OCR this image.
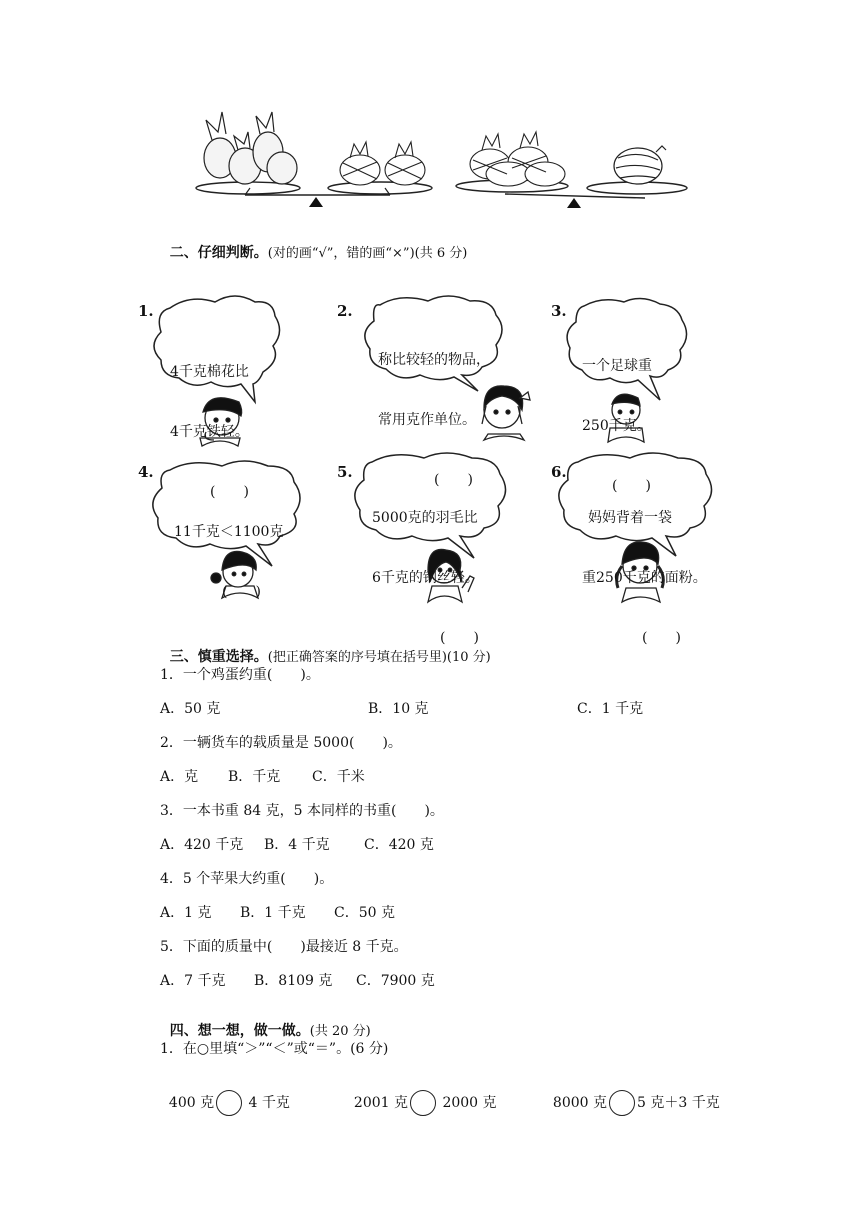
二、仔细判断。(对的画“√”，错的画“×”)(共 6 分)

1.

4千克棉花比

4千克铁轻。

(　　)

2.

称比较轻的物品，

常用克作单位。

(　　)

3.

一个足球重

250千克。

(　　)

4.

11千克＜1100克

(　　)

5.

5000克的羽毛比

6千克的钢丝轻。

(　　)

6.

妈妈背着一袋

重250千克的面粉。

(　　)

三、慎重选择。(把正确答案的序号填在括号里)(10 分)

1．一个鸡蛋约重(　　)。
A．50 克	B．10 克	C．1 千克
2．一辆货车的载质量是 5000(　　)。
A．克 B．千克 C．千米
3．一本书重 84 克，5 本同样的书重(　　)。
A．420 千克 B．4 千克 C．420 克
4．5 个苹果大约重(　　)。
A．1 克 B．1 千克 C．50 克
5．下面的质量中(　　)最接近 8 千克。
A．7 千克 B．8109 克 C．7900 克

四、想一想，做一做。(共 20 分)

1．在○里填“＞”“＜”或“＝”。(6 分)

400 克 4 千克	2001 克 2000 克	8000 克 5 克＋3 千克
